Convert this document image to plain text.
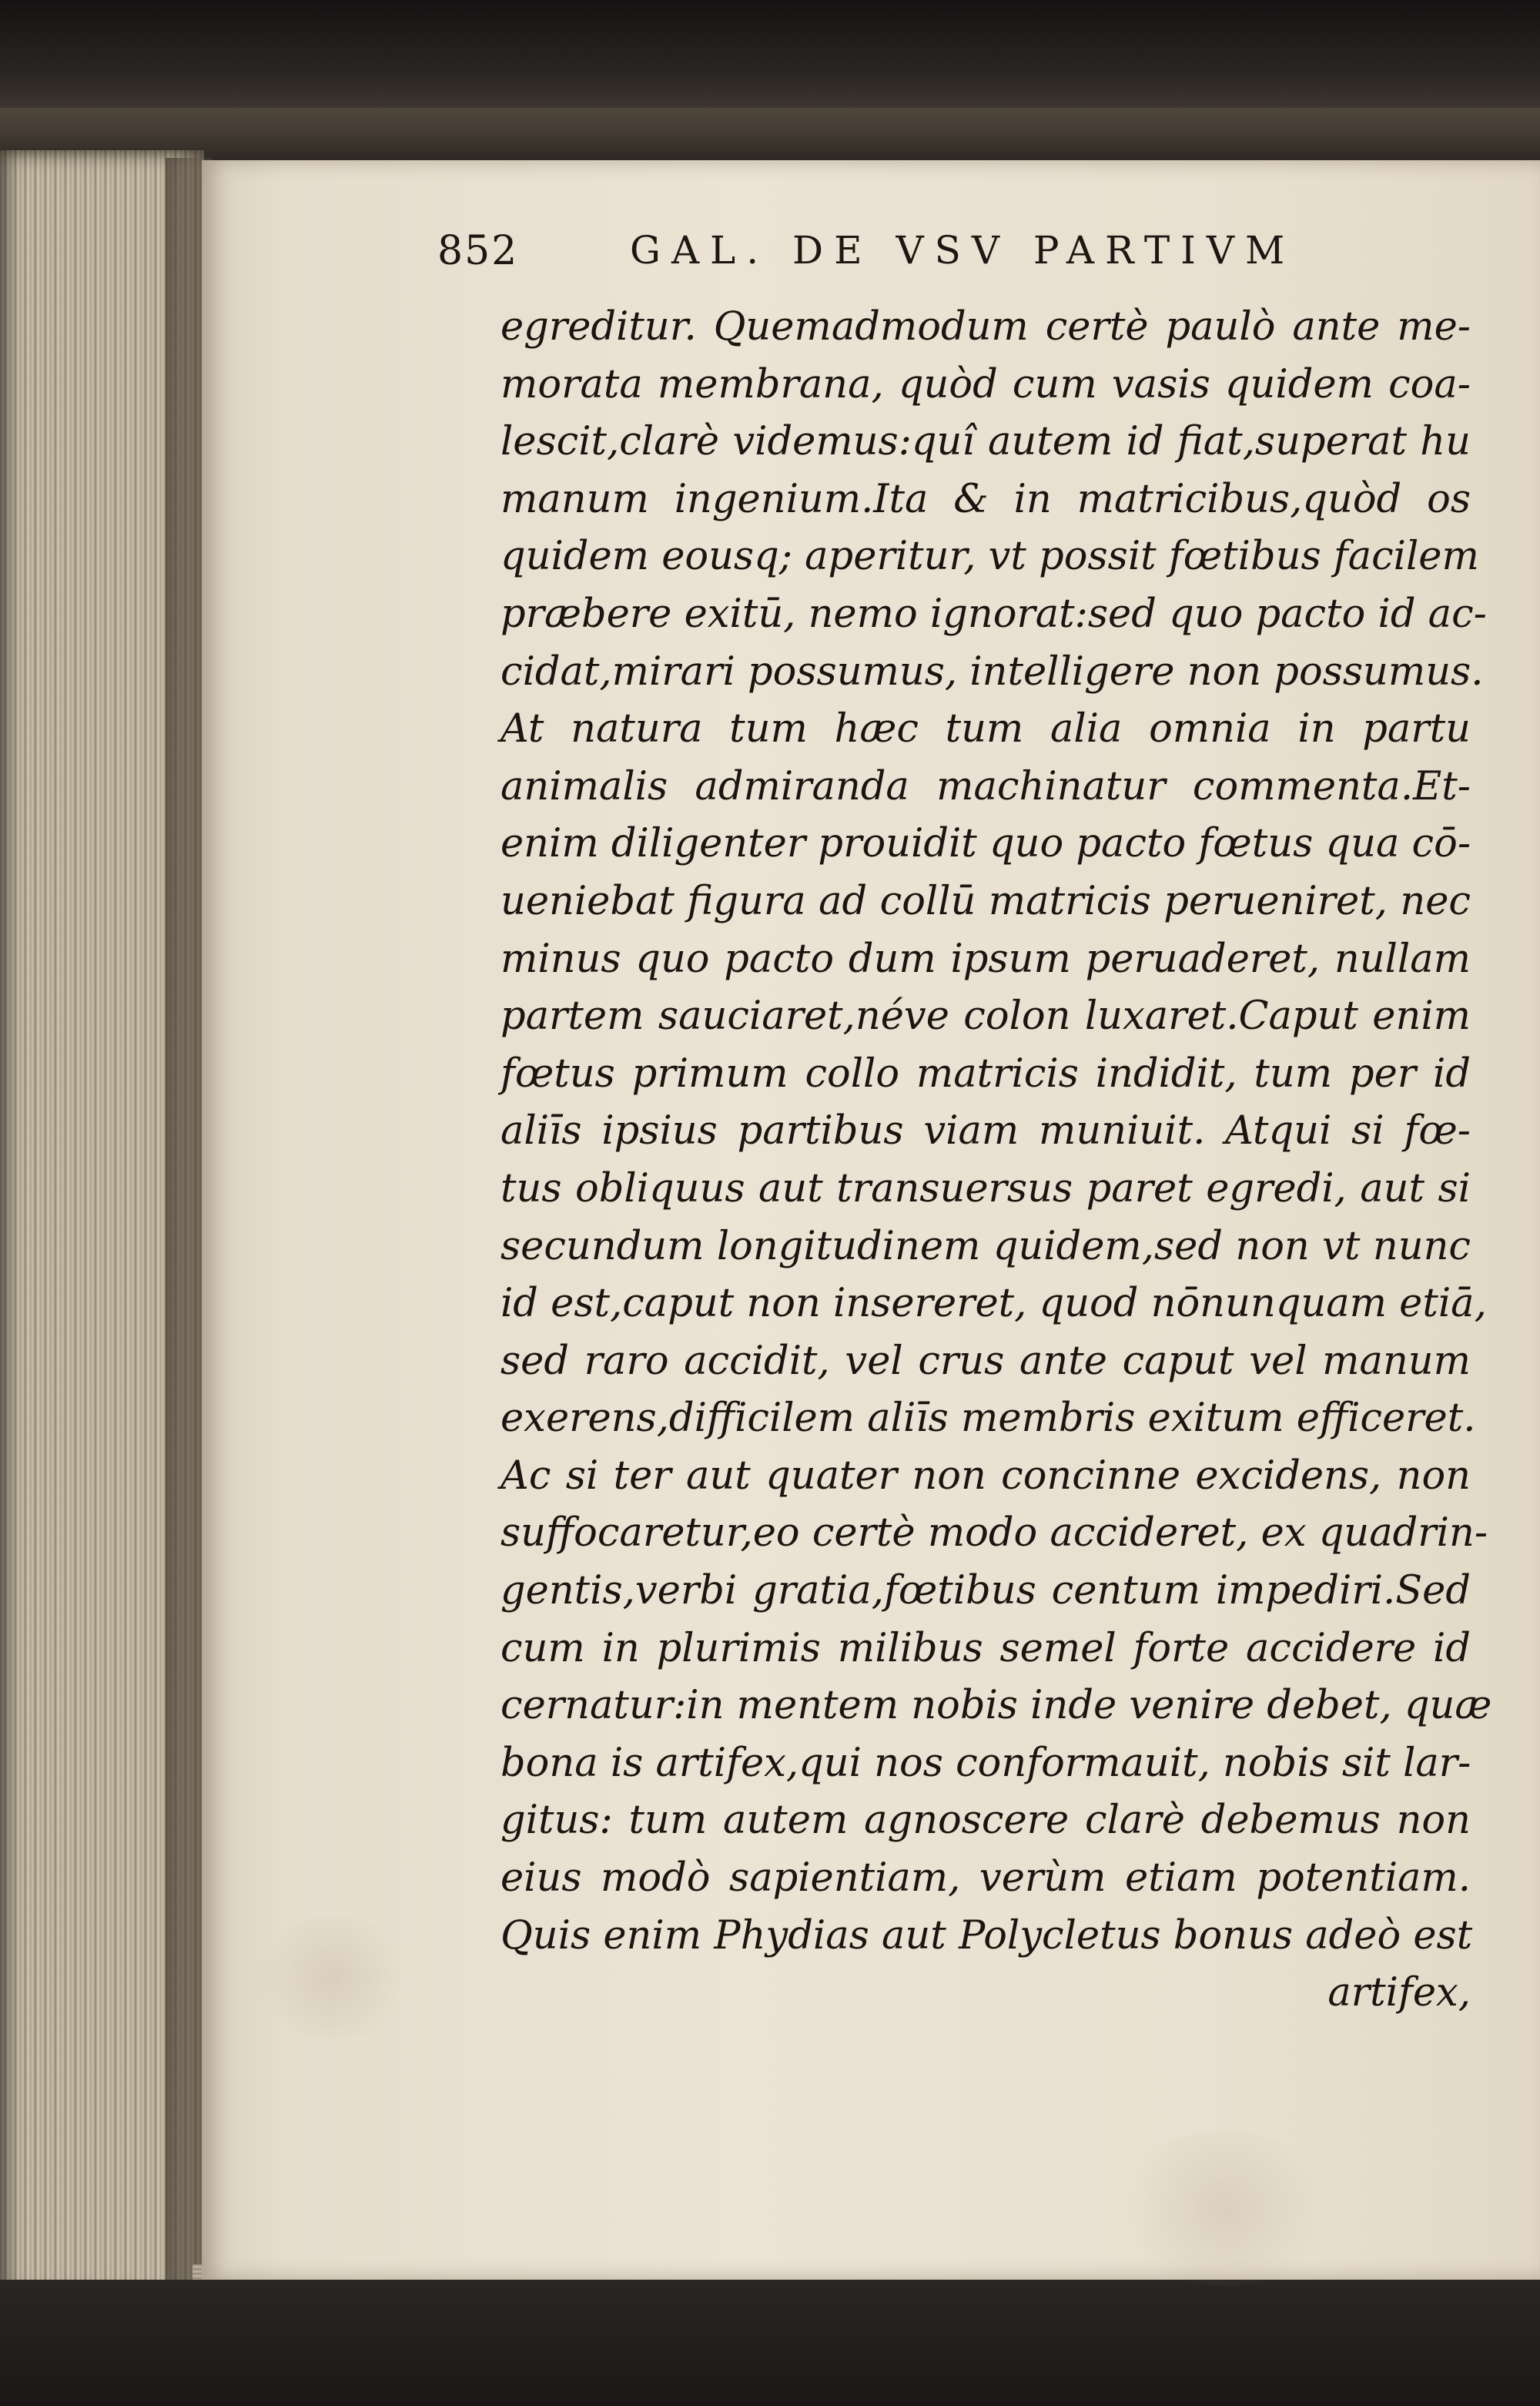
852	GAL. DE VSV PARTIVM
egreditur. Quemadmodum certè paulò ante me-
morata membrana, quòd cum vasis quidem coa-
lescit,clarè videmus:quî autem id fiat,superat hu
manum ingenium.Ita & in matricibus,quòd os
quidem eousq; aperitur, vt possit fœtibus facilem
præbere exitū, nemo ignorat:sed quo pacto id ac-
cidat,mirari possumus, intelligere non possumus.
At natura tum hæc tum alia omnia in partu
animalis admiranda machinatur commenta.Et-
enim diligenter prouidit quo pacto fœtus qua cō-
ueniebat figura ad collū matricis perueniret, nec
minus quo pacto dum ipsum peruaderet, nullam
partem sauciaret,néve colon luxaret.Caput enim
fœtus primum collo matricis indidit, tum per id
aliīs ipsius partibus viam muniuit. Atqui si fœ-
tus obliquus aut transuersus paret egredi, aut si
secundum longitudinem quidem,sed non vt nunc
id est,caput non insereret, quod nōnunquam etiā,
sed raro accidit, vel crus ante caput vel manum
exerens,difficilem aliīs membris exitum efficeret.
Ac si ter aut quater non concinne excidens, non
suffocaretur,eo certè modo accideret, ex quadrin-
gentis,verbi gratia,fœtibus centum impediri.Sed
cum in plurimis milibus semel forte accidere id
cernatur:in mentem nobis inde venire debet, quæ
bona is artifex,qui nos conformauit, nobis sit lar-
gitus: tum autem agnoscere clarè debemus non
eius modò sapientiam, verùm etiam potentiam.
Quis enim Phydias aut Polycletus bonus adeò est
artifex,
